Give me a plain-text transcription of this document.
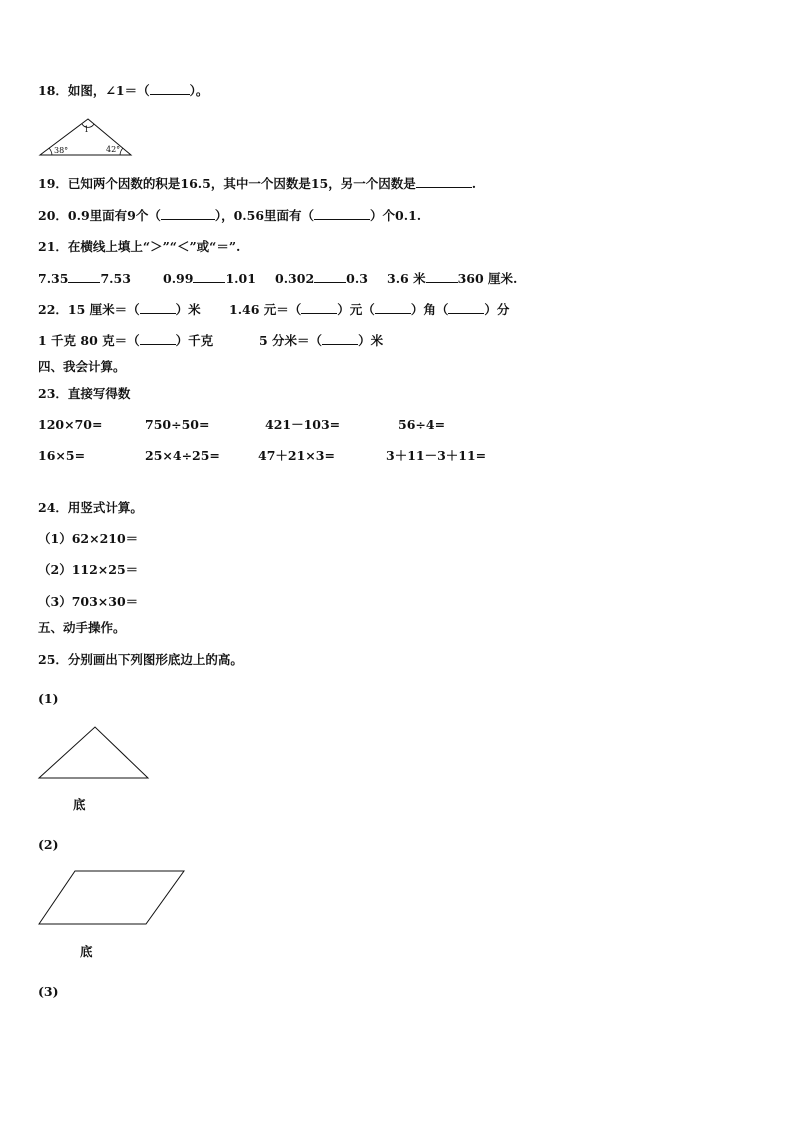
18．如图，∠1＝（	）。
1
38°	42°
19．已知两个因数的积是16.5，其中一个因数是15，另一个因数是	.
20．0.9里面有9个（	），0.56里面有（	）个0.1.
21．在横线上填上“＞”“＜”或“＝”.
7.35	7.53	0.99	1.01 0.302	0.3 3.6 米	360 厘米.
22．15 厘米＝（	）米 1.46 元＝（	）元（	）角（	）分
1 千克 80 克＝（	）千克	5 分米＝（	）米
四、我会计算。
23．直接写得数
120×70=	750÷50=	421－103=	56÷4=
16×5=	25×4÷25=	47＋21×3=	3＋11－3＋11=
24．用竖式计算。
（1）62×210＝
（2）112×25＝
（3）703×30＝
五、动手操作。
25．分别画出下列图形底边上的高。
(1)
底
(2)
底
(3)
